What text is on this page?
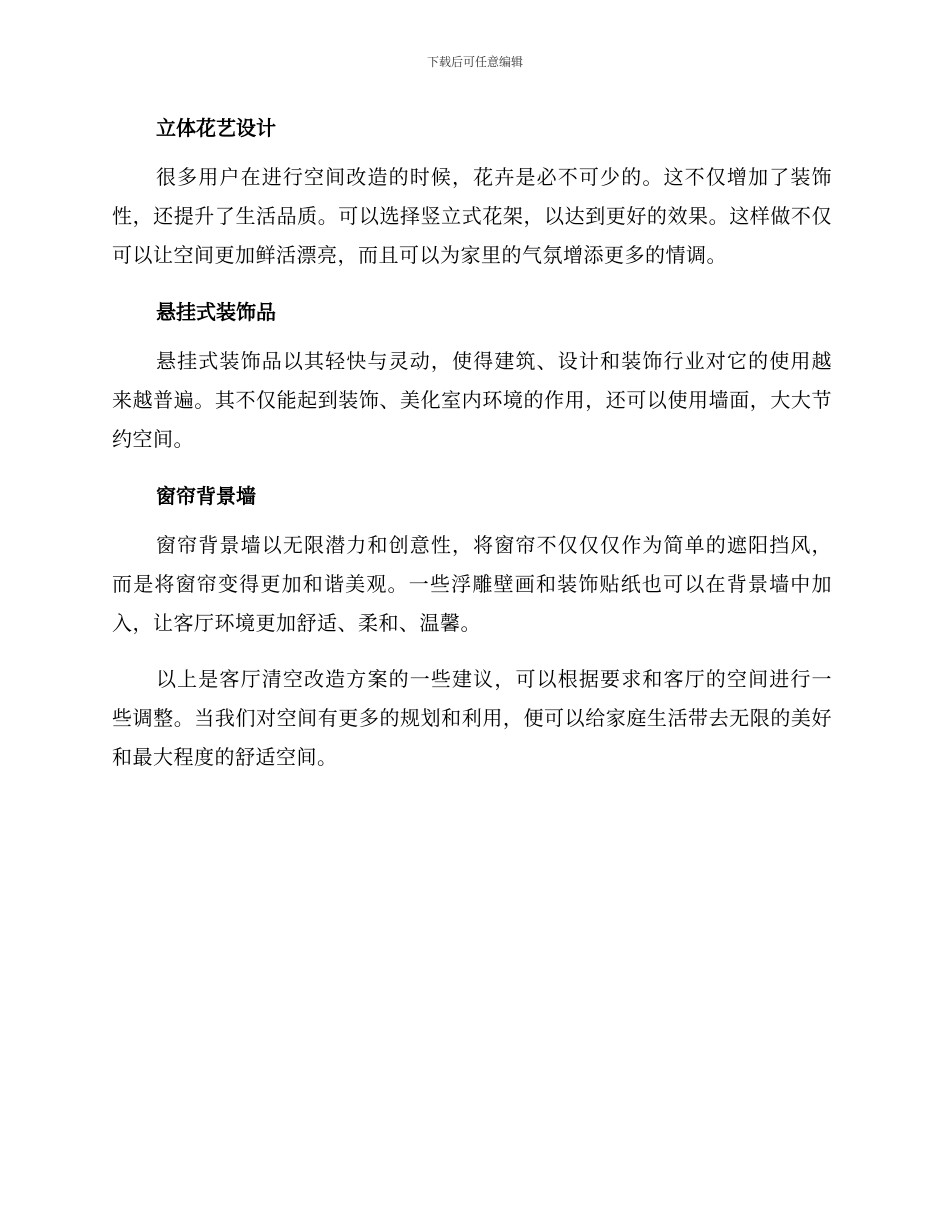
下载后可任意编辑
立体花艺设计

很多用户在进行空间改造的时候，花卉是必不可少的。这不仅增加了装饰性，还提升了生活品质。可以选择竖立式花架，以达到更好的效果。这样做不仅可以让空间更加鲜活漂亮，而且可以为家里的气氛增添更多的情调。

悬挂式装饰品

悬挂式装饰品以其轻快与灵动，使得建筑、设计和装饰行业对它的使用越来越普遍。其不仅能起到装饰、美化室内环境的作用，还可以使用墙面，大大节约空间。

窗帘背景墙

窗帘背景墙以无限潜力和创意性，将窗帘不仅仅仅作为简单的遮阳挡风，而是将窗帘变得更加和谐美观。一些浮雕壁画和装饰贴纸也可以在背景墙中加入，让客厅环境更加舒适、柔和、温馨。

以上是客厅清空改造方案的一些建议，可以根据要求和客厅的空间进行一些调整。当我们对空间有更多的规划和利用，便可以给家庭生活带去无限的美好和最大程度的舒适空间。
